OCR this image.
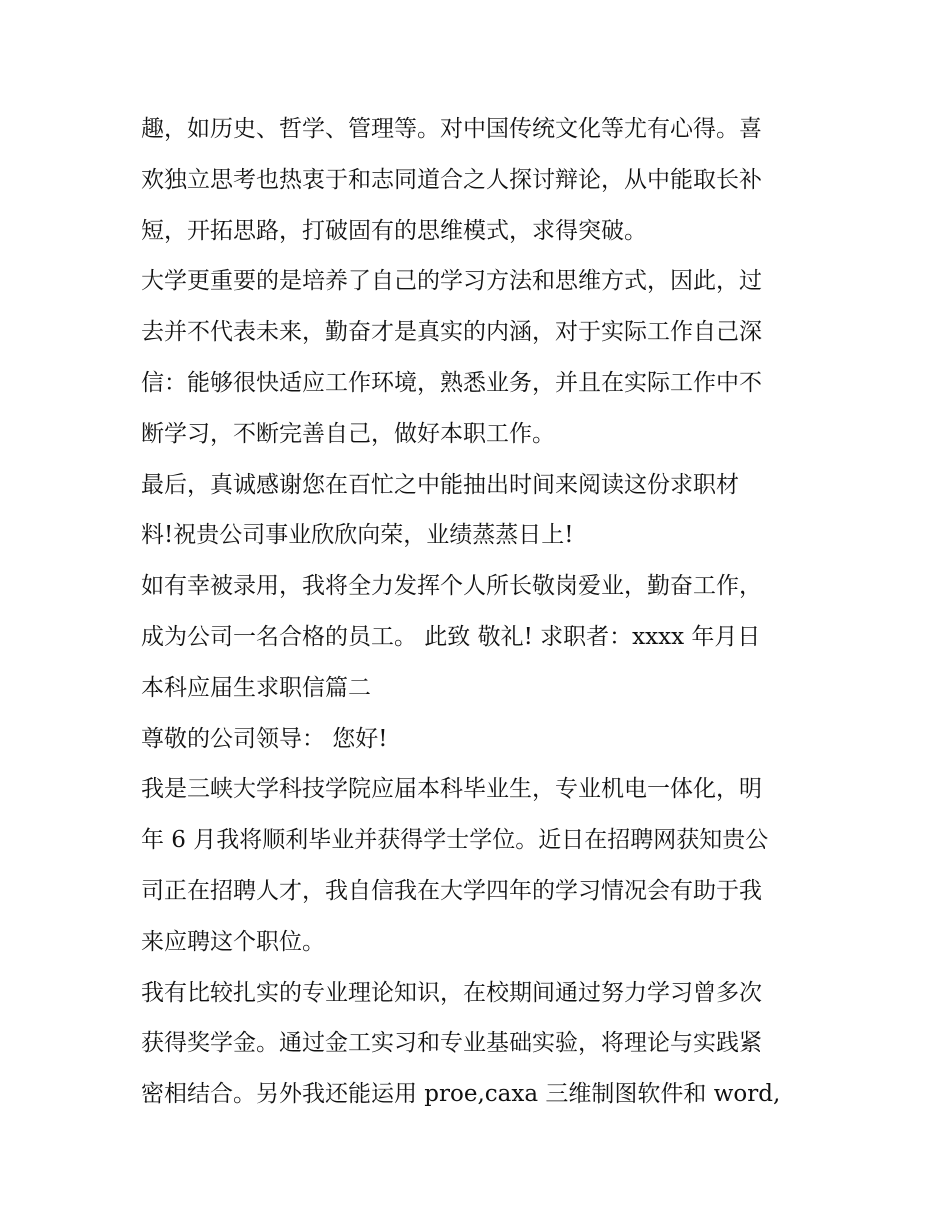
趣，如历史、哲学、管理等。对中国传统文化等尤有心得。喜
欢独立思考也热衷于和志同道合之人探讨辩论，从中能取长补
短，开拓思路，打破固有的思维模式，求得突破。
大学更重要的是培养了自己的学习方法和思维方式，因此，过
去并不代表未来，勤奋才是真实的内涵，对于实际工作自己深
信：能够很快适应工作环境，熟悉业务，并且在实际工作中不
断学习，不断完善自己，做好本职工作。
最后，真诚感谢您在百忙之中能抽出时间来阅读这份求职材
料!祝贵公司事业欣欣向荣，业绩蒸蒸日上!
如有幸被录用，我将全力发挥个人所长敬岗爱业，勤奋工作，
成为公司一名合格的员工。 此致 敬礼! 求职者：xxxx 年月日
本科应届生求职信篇二
尊敬的公司领导： 您好!
我是三峡大学科技学院应届本科毕业生，专业机电一体化，明
年 6 月我将顺利毕业并获得学士学位。近日在招聘网获知贵公
司正在招聘人才，我自信我在大学四年的学习情况会有助于我
来应聘这个职位。
我有比较扎实的专业理论知识，在校期间通过努力学习曾多次
获得奖学金。通过金工实习和专业基础实验，将理论与实践紧
密相结合。另外我还能运用 proe,caxa 三维制图软件和 word,
